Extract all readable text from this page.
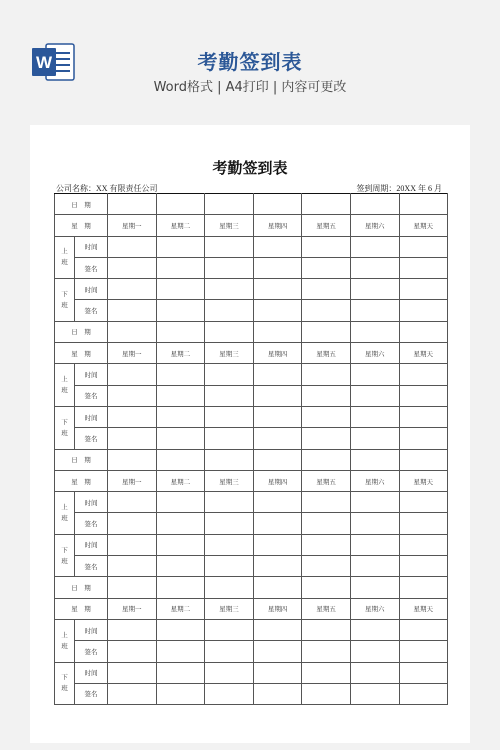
W	考勤签到表
Word格式 | A4打印 | 内容可更改
考勤签到表
公司名称：XX 有限责任公司	签到周期：20XX 年 6 月
日　期								
星　期		星期一	星期二	星期三	星期四	星期五	星期六	星期天
上班	时间							
	签名							
下班	时间							
	签名							
日　期								
星　期		星期一	星期二	星期三	星期四	星期五	星期六	星期天
上班	时间							
	签名							
下班	时间							
	签名							
日　期								
星　期		星期一	星期二	星期三	星期四	星期五	星期六	星期天
上班	时间							
	签名							
下班	时间							
	签名							
日　期								
星　期		星期一	星期二	星期三	星期四	星期五	星期六	星期天
上班	时间							
	签名							
下班	时间							
	签名							
